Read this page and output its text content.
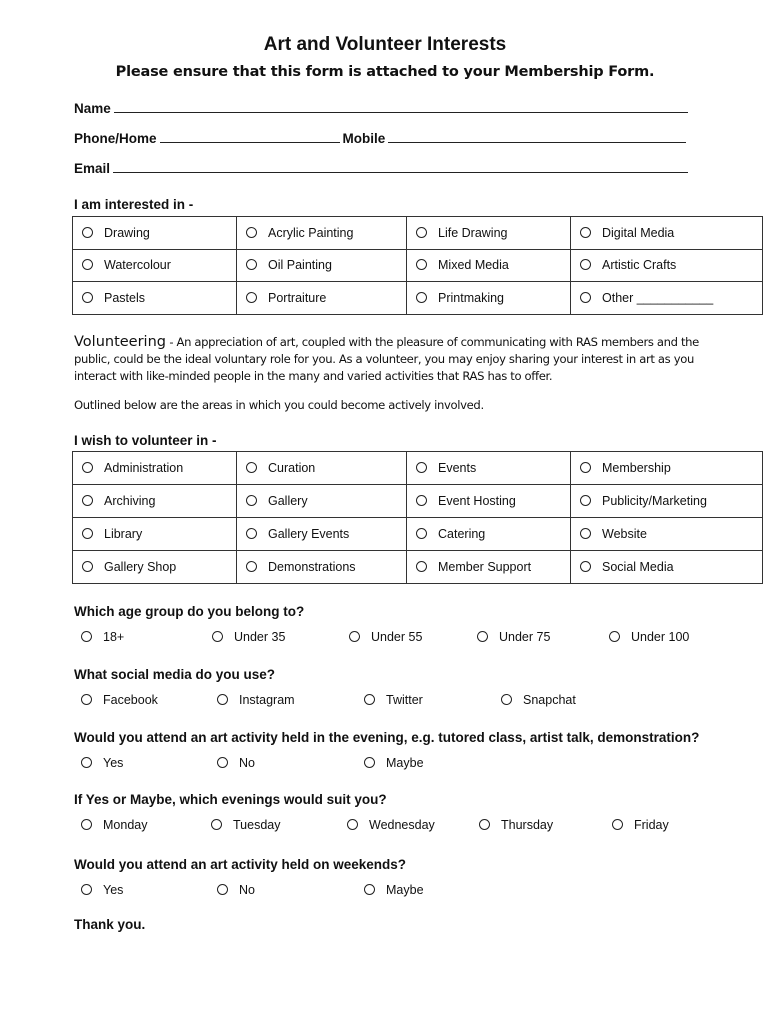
Art and Volunteer Interests
Please ensure that this form is attached to your Membership Form.
Name
Phone/Home	Mobile
Email
I am interested in -
Drawing	Acrylic Painting	Life Drawing	Digital Media
Watercolour	Oil Painting	Mixed Media	Artistic Crafts
Pastels	Portraiture	Printmaking	Other ___________
Volunteering - An appreciation of art, coupled with the pleasure of communicating with RAS members and the public, could be the ideal voluntary role for you. As a volunteer, you may enjoy sharing your interest in art as you interact with like-minded people in the many and varied activities that RAS has to offer.
Outlined below are the areas in which you could become actively involved.
I wish to volunteer in -
Administration	Curation	Events	Membership
Archiving	Gallery	Event Hosting	Publicity/Marketing
Library	Gallery Events	Catering	Website
Gallery Shop	Demonstrations	Member Support	Social Media
Which age group do you belong to?
18+	Under 35	Under 55	Under 75	Under 100
What social media do you use?
Facebook	Instagram	Twitter	Snapchat
Would you attend an art activity held in the evening, e.g. tutored class, artist talk, demonstration?
Yes	No	Maybe
If Yes or Maybe, which evenings would suit you?
Monday	Tuesday	Wednesday	Thursday	Friday
Would you attend an art activity held on weekends?
Yes	No	Maybe
Thank you.
